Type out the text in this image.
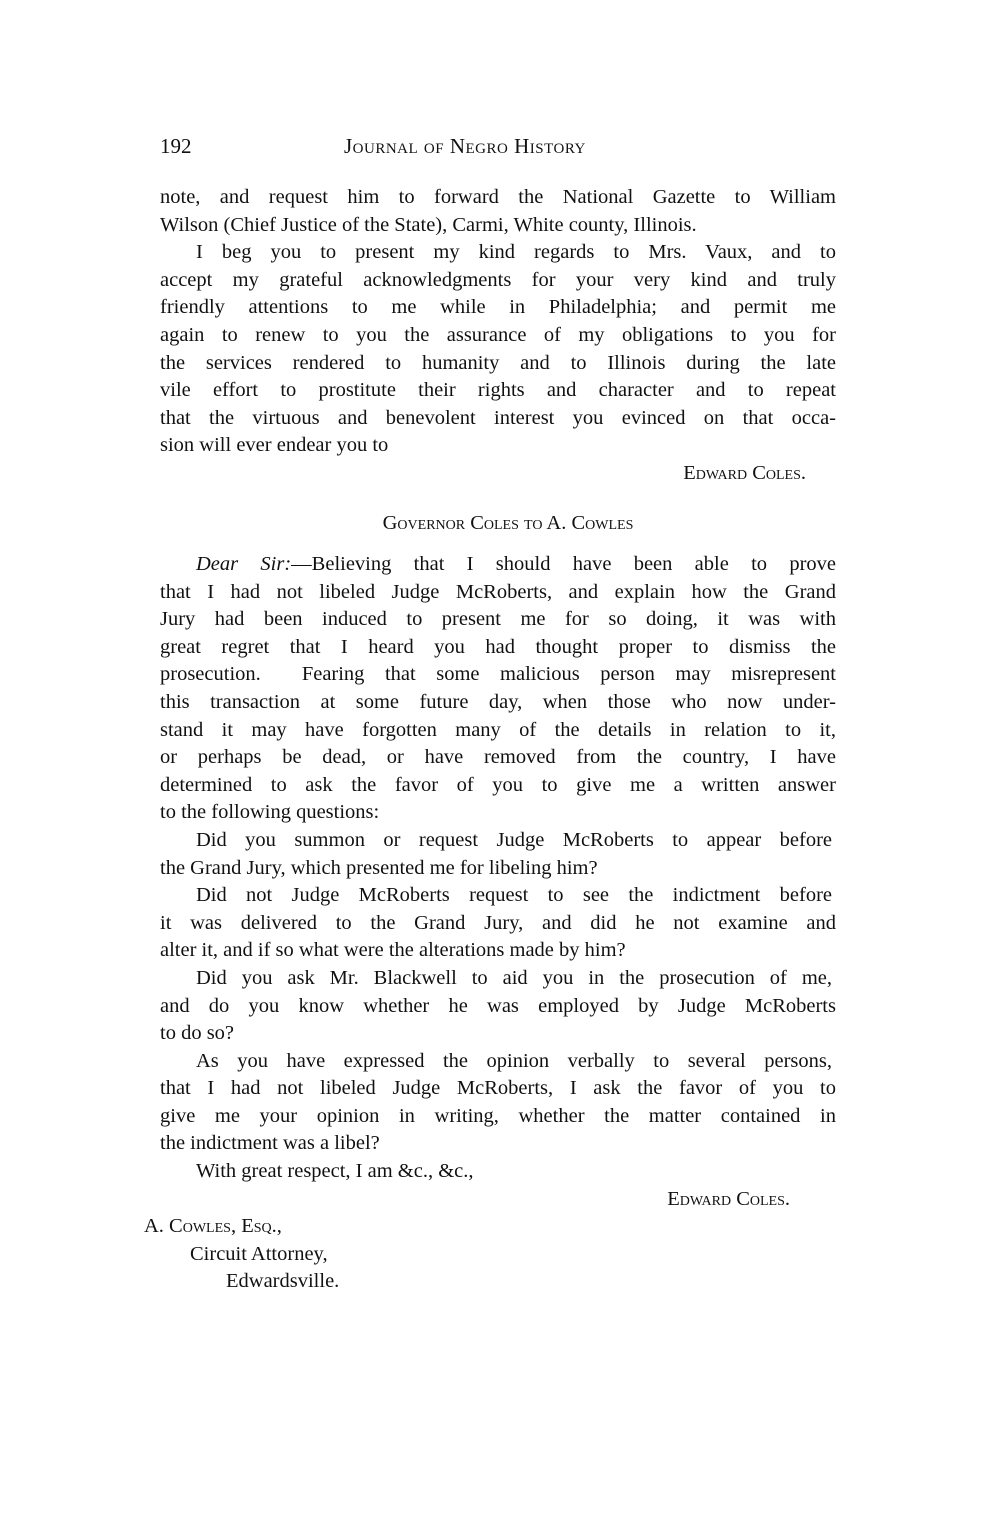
192	Journal of Negro History
note, and request him to forward the National Gazette to William
Wilson (Chief Justice of the State), Carmi, White county, Illinois.
I beg you to present my kind regards to Mrs. Vaux, and to
accept my grateful acknowledgments for your very kind and truly
friendly attentions to me while in Philadelphia; and permit me
again to renew to you the assurance of my obligations to you for
the services rendered to humanity and to Illinois during the late
vile effort to prostitute their rights and character and to repeat
that the virtuous and benevolent interest you evinced on that occa-
sion will ever endear you to
Edward Coles.
Governor Coles to A. Cowles
Dear Sir:—Believing that I should have been able to prove
that I had not libeled Judge McRoberts, and explain how the Grand
Jury had been induced to present me for so doing, it was with
great regret that I heard you had thought proper to dismiss the
prosecution.  Fearing that some malicious person may misrepresent
this transaction at some future day, when those who now under-
stand it may have forgotten many of the details in relation to it,
or perhaps be dead, or have removed from the country, I have
determined to ask the favor of you to give me a written answer
to the following questions:
Did you summon or request Judge McRoberts to appear before
the Grand Jury, which presented me for libeling him?
Did not Judge McRoberts request to see the indictment before
it was delivered to the Grand Jury, and did he not examine and
alter it, and if so what were the alterations made by him?
Did you ask Mr. Blackwell to aid you in the prosecution of me,
and do you know whether he was employed by Judge McRoberts
to do so?
As you have expressed the opinion verbally to several persons,
that I had not libeled Judge McRoberts, I ask the favor of you to
give me your opinion in writing, whether the matter contained in
the indictment was a libel?
With great respect, I am &c., &c.,
Edward Coles.
A. Cowles, Esq.,
Circuit Attorney,
Edwardsville.
